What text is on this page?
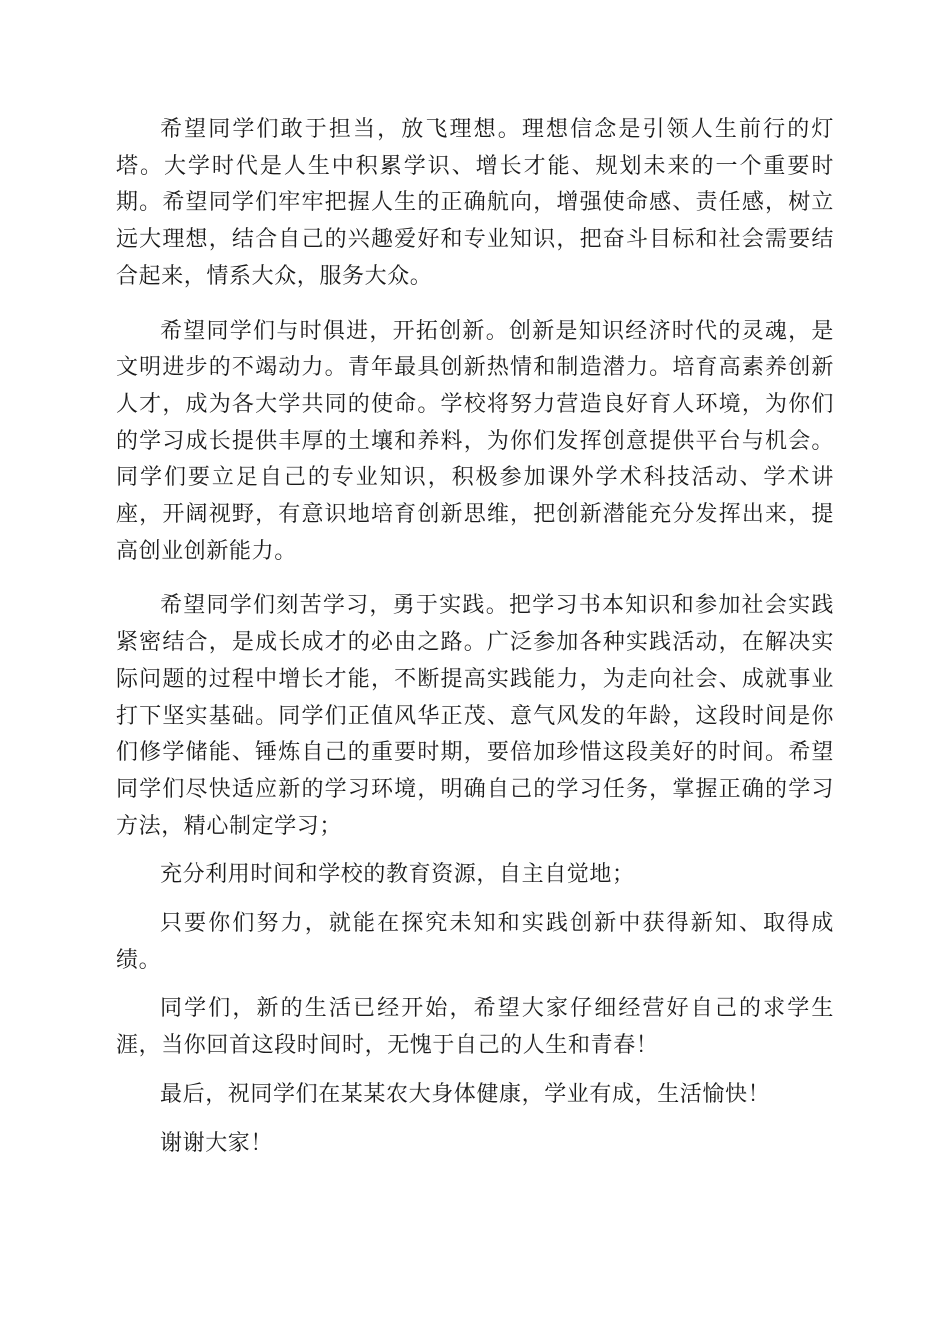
希望同学们敢于担当，放飞理想。理想信念是引领人生前行的灯塔。大学时代是人生中积累学识、增长才能、规划未来的一个重要时期。希望同学们牢牢把握人生的正确航向，增强使命感、责任感，树立远大理想，结合自己的兴趣爱好和专业知识，把奋斗目标和社会需要结合起来，情系大众，服务大众。

希望同学们与时俱进，开拓创新。创新是知识经济时代的灵魂，是文明进步的不竭动力。青年最具创新热情和制造潜力。培育高素养创新人才，成为各大学共同的使命。学校将努力营造良好育人环境，为你们的学习成长提供丰厚的土壤和养料，为你们发挥创意提供平台与机会。同学们要立足自己的专业知识，积极参加课外学术科技活动、学术讲座，开阔视野，有意识地培育创新思维，把创新潜能充分发挥出来，提高创业创新能力。

希望同学们刻苦学习，勇于实践。把学习书本知识和参加社会实践紧密结合，是成长成才的必由之路。广泛参加各种实践活动，在解决实际问题的过程中增长才能，不断提高实践能力，为走向社会、成就事业打下坚实基础。同学们正值风华正茂、意气风发的年龄，这段时间是你们修学储能、锤炼自己的重要时期，要倍加珍惜这段美好的时间。希望同学们尽快适应新的学习环境，明确自己的学习任务，掌握正确的学习方法，精心制定学习；

充分利用时间和学校的教育资源，自主自觉地；

只要你们努力，就能在探究未知和实践创新中获得新知、取得成绩。

同学们，新的生活已经开始，希望大家仔细经营好自己的求学生涯，当你回首这段时间时，无愧于自己的人生和青春！

最后，祝同学们在某某农大身体健康，学业有成，生活愉快！

谢谢大家！
